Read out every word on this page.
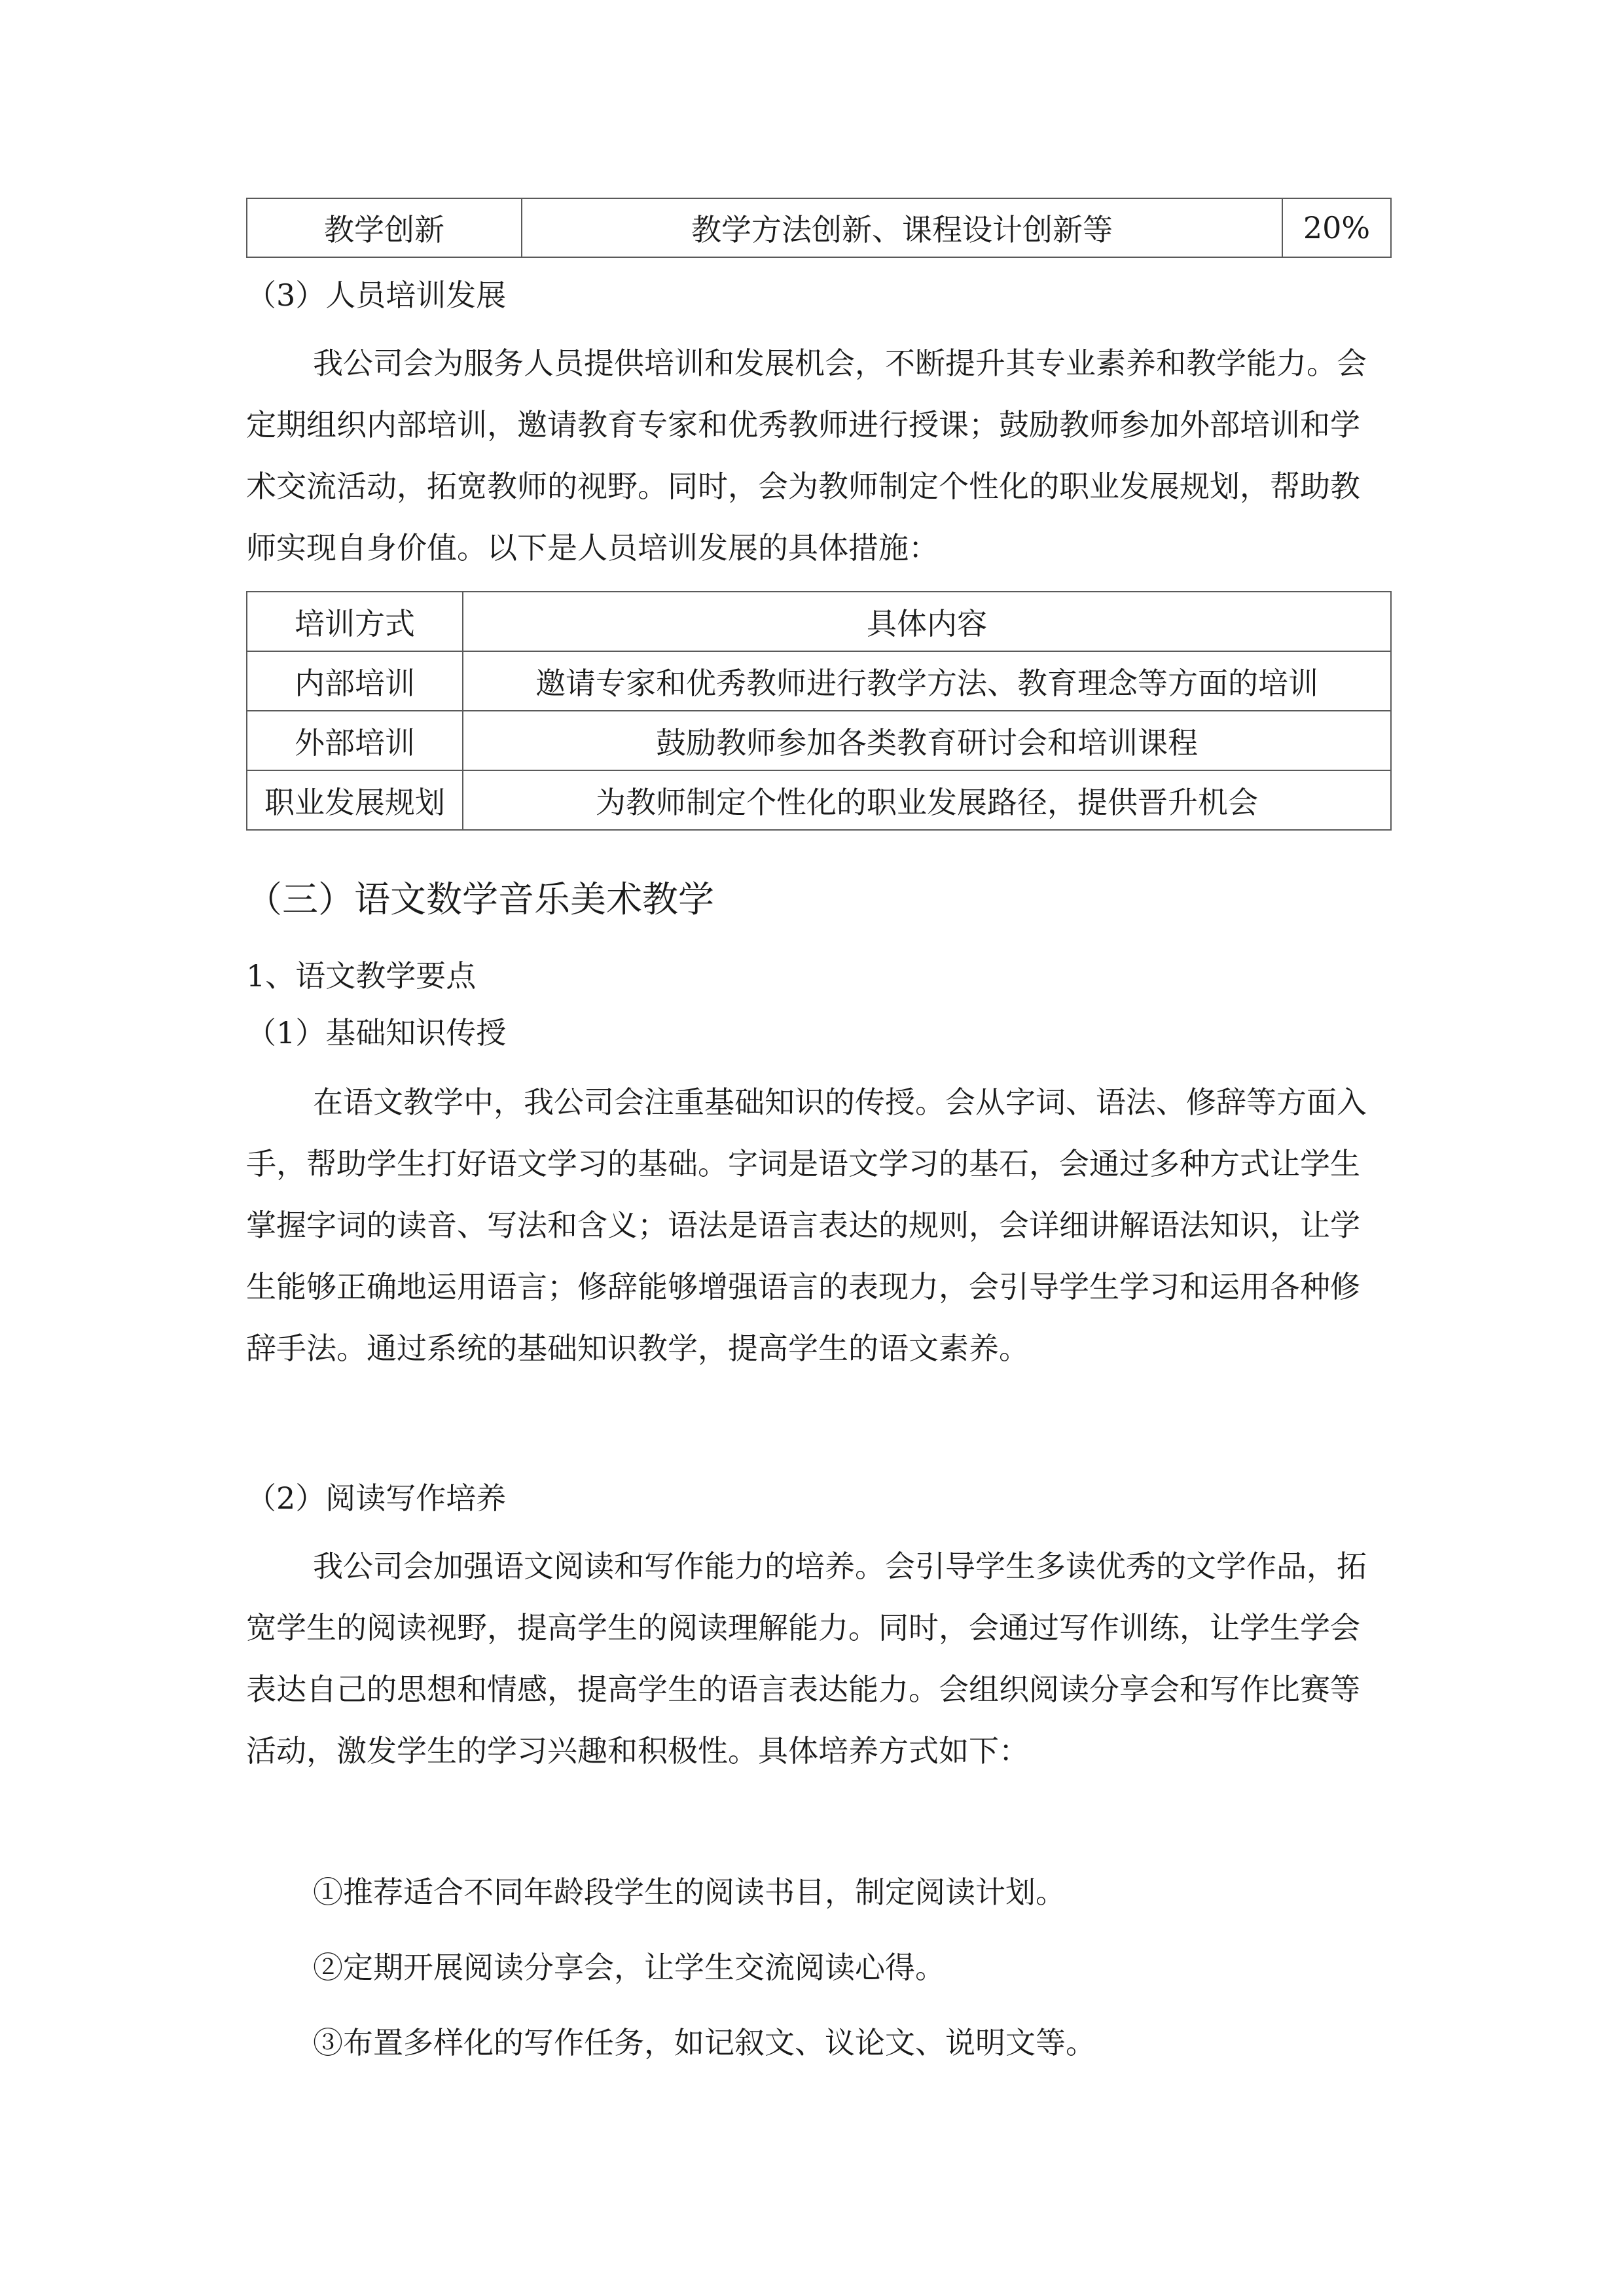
教学创新	教学方法创新、课程设计创新等	20%

（3）人员培训发展

我公司会为服务人员提供培训和发展机会，不断提升其专业素养和教学能力。会定期组织内部培训，邀请教育专家和优秀教师进行授课；鼓励教师参加外部培训和学术交流活动，拓宽教师的视野。同时，会为教师制定个性化的职业发展规划，帮助教师实现自身价值。以下是人员培训发展的具体措施：

培训方式	具体内容
内部培训	邀请专家和优秀教师进行教学方法、教育理念等方面的培训
外部培训	鼓励教师参加各类教育研讨会和培训课程
职业发展规划	为教师制定个性化的职业发展路径，提供晋升机会

（三）语文数学音乐美术教学

1、语文教学要点

（1）基础知识传授

在语文教学中，我公司会注重基础知识的传授。会从字词、语法、修辞等方面入手，帮助学生打好语文学习的基础。字词是语文学习的基石，会通过多种方式让学生掌握字词的读音、写法和含义；语法是语言表达的规则，会详细讲解语法知识，让学生能够正确地运用语言；修辞能够增强语言的表现力，会引导学生学习和运用各种修辞手法。通过系统的基础知识教学，提高学生的语文素养。

（2）阅读写作培养

我公司会加强语文阅读和写作能力的培养。会引导学生多读优秀的文学作品，拓宽学生的阅读视野，提高学生的阅读理解能力。同时，会通过写作训练，让学生学会表达自己的思想和情感，提高学生的语言表达能力。会组织阅读分享会和写作比赛等活动，激发学生的学习兴趣和积极性。具体培养方式如下：

①推荐适合不同年龄段学生的阅读书目，制定阅读计划。

②定期开展阅读分享会，让学生交流阅读心得。

③布置多样化的写作任务，如记叙文、议论文、说明文等。
